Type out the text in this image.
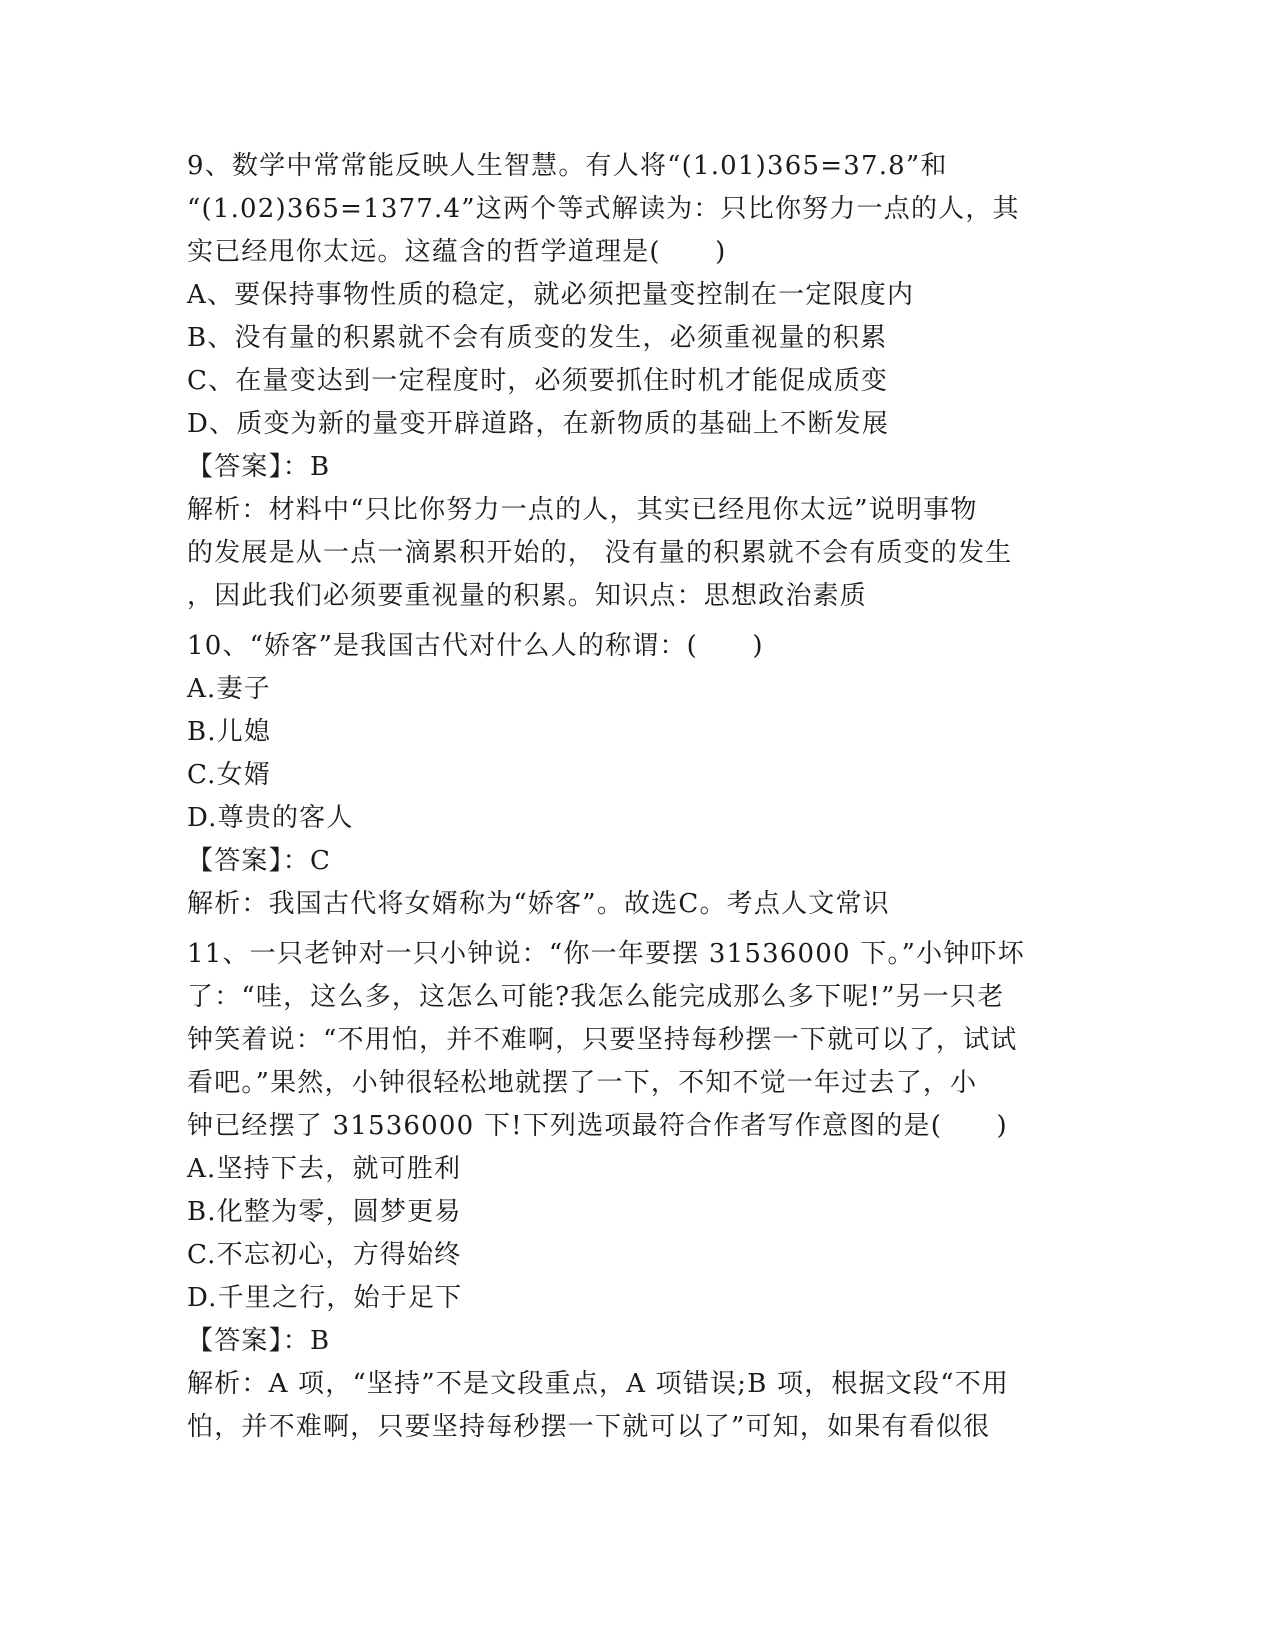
9、数学中常常能反映人生智慧。有人将“(1.01)365=37.8”和
“(1.02)365=1377.4”这两个等式解读为：只比你努力一点的人，其
实已经甩你太远。这蕴含的哲学道理是(　　)
A、要保持事物性质的稳定，就必须把量变控制在一定限度内
B、没有量的积累就不会有质变的发生，必须重视量的积累
C、在量变达到一定程度时，必须要抓住时机才能促成质变
D、质变为新的量变开辟道路，在新物质的基础上不断发展
【答案】：B
解析：材料中“只比你努力一点的人，其实已经甩你太远”说明事物
的发展是从一点一滴累积开始的， 没有量的积累就不会有质变的发生
，因此我们必须要重视量的积累。知识点：思想政治素质
10、“娇客”是我国古代对什么人的称谓：(　　)
A.妻子
B.儿媳
C.女婿
D.尊贵的客人
【答案】：C
解析：我国古代将女婿称为“娇客”。故选C。考点人文常识
11、一只老钟对一只小钟说：“你一年要摆 31536000 下。”小钟吓坏
了：“哇，这么多，这怎么可能?我怎么能完成那么多下呢!”另一只老
钟笑着说：“不用怕，并不难啊，只要坚持每秒摆一下就可以了，试试
看吧。”果然，小钟很轻松地就摆了一下，不知不觉一年过去了，小
钟已经摆了 31536000 下!下列选项最符合作者写作意图的是(　　)
A.坚持下去，就可胜利
B.化整为零，圆梦更易
C.不忘初心，方得始终
D.千里之行，始于足下
【答案】：B
解析：A 项，“坚持”不是文段重点，A 项错误;B 项，根据文段“不用
怕，并不难啊，只要坚持每秒摆一下就可以了”可知，如果有看似很
